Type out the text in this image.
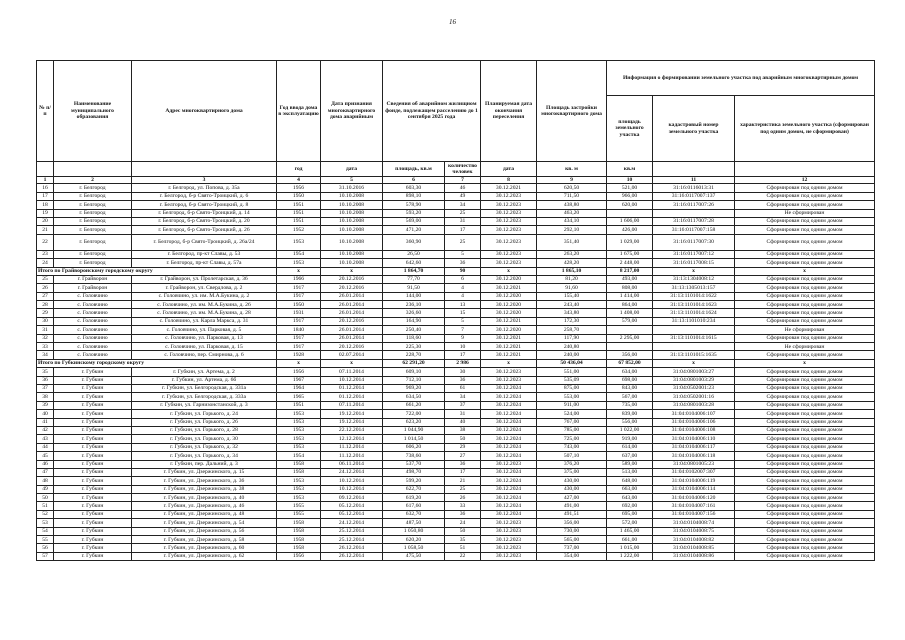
16
№ п/п	Наименование муниципального образования	Адрес многоквартирного дома	Год ввода дома в эксплуатацию	Дата признания многоквартирного дома аварийным	Сведения об аварийном жилищном фонде, подлежащем расселению до 1 сентября 2025 года		Планируемая дата окончания переселения	Площадь застройки многоквартирного дома	Информация о формировании земельного участка под аварийным многоквартирным домом		
									площадь земельного участка	кадастровый номер земельного участка	характеристика земельного участка (сформирован под одним домом, не сформирован)
			год	дата	площадь, кв.м	количество человек	дата	кв. м	кв.м		
1	2	3	4	5	6	7	8	9	10	11	12
16	г. Белгород	г. Белгород, ул. Попова, д. 35а	1956	31.10.2016	603,30	46	30.12.2021	620,50	521,00	31:16:0116013:31	Сформирован под одним домом
17	г. Белгород	г. Белгород, б-р Свято-Троицкий, д. 6	1950	10.10.2008	898,10	49	30.12.2023	711,50	966,00	31:16:0117007:137	Сформирован под одним домом
18	г. Белгород	г. Белгород, б-р Свято-Троицкий, д. 8	1951	10.10.2008	578,90	34	30.12.2023	438,80	620,00	31:16:0117007:26	Сформирован под одним домом
19	г. Белгород	г. Белгород, б-р Свято-Троицкий, д. 14	1951	10.10.2008	593,20	25	30.12.2023	463,20			Не сформирован
20	г. Белгород	г. Белгород, б-р Свято-Троицкий, д. 20	1951	10.10.2008	569,00	31	30.12.2023	434,10	1 606,00	31:16:0117007:28	Сформирован под одним домом
21	г. Белгород	г. Белгород, б-р Свято-Троицкий, д. 26	1952	10.10.2008	471,20	17	30.12.2023	292,10	426,00	31:16:0117007:158	Сформирован под одним домом
22	г. Белгород	г. Белгород, б-р Свято-Троицкий, д. 26а/24	1953	10.10.2008	360,90	25	30.12.2023	351,40	1 029,00	31:16:0117007:30	Сформирован под одним домом
23	г. Белгород	г. Белгород, пр-кт Славы, д. 53	1954	10.10.2008	26,50	5	30.12.2023	263,20	1 675,00	31:16:0117007:12	Сформирован под одним домом
24	г. Белгород	г. Белгород, пр-кт Славы, д. 57а	1953	10.10.2008	642,60	36	30.12.2023	428,20	2 448,00	31:16:0117008:15	Сформирован под одним домом
Итого по Грайворонскому городскому округу			x	x	1 864,70	90	x	1 865,10	8 217,00	x	x
25	г. Грайворон	г. Грайворон, ул. Пролетарская, д. 36	1966	20.12.2016	77,70	6	30.12.2020	81,20	493,00	31:13:1304008:12	Сформирован под одним домом
26	г. Грайворон	г. Грайворон, ул. Свердлова, д. 2	1917	20.12.2016	91,50	4	30.12.2021	91,60	808,00	31:13:1305013:157	Сформирован под одним домом
27	с. Головчино	с. Головчино, ул. им. М.А.Букина, д. 2	1917	26.01.2014	144,00	4	30.12.2020	155,40	1 414,00	31:13:1101014:1622	Сформирован под одним домом
28	с. Головчино	с. Головчино, ул. им. М.А.Букина, д. 26	1950	26.01.2014	236,10	13	30.12.2020	243,40	864,00	31:13:1101014:1623	Сформирован под одним домом
29	с. Головчино	с. Головчино, ул. им. М.А.Букина, д. 28	1931	26.01.2014	326,60	15	30.12.2020	343,80	1 408,00	31:13:1101014:1624	Сформирован под одним домом
30	с. Головчино	с. Головчино, ул. Карла Маркса, д. 31	1917	20.12.2016	164,90	5	30.12.2021	172,30	579,00	31:13:1101010:234	Сформирован под одним домом
31	с. Головчино	с. Головчино, ул. Парковая, д. 5	1840	26.01.2014	250,40	7	30.12.2020	258,70			Не сформирован
32	с. Головчино	с. Головчино, ул. Парковая, д. 13	1917	26.01.2014	118,60	9	30.12.2021	117,90	2 295,00	31:13:1101014:1615	Сформирован под одним домом
33	с. Головчино	с. Головчино, ул. Парковая, д. 15	1917	20.12.2016	225,30	10	30.12.2021	240,80			Не сформирован
34	с. Головчино	с. Головчино, пер. Смирнова, д. 6	1928	02.07.2014	228,70	17	30.12.2021	240,00	356,00	31:13:1101015:1635	Сформирован под одним домом
Итого по Губкинскому городскому округу			x	x	62 291,20	2 986	x	50 436,04	67 852,00	x	x
35	г. Губкин	г. Губкин, ул. Артема, д. 2	1956	07.11.2014	609,10	30	30.12.2023	551,00	634,00	31:04:0801003:27	Сформирован под одним домом
36	г. Губкин	г. Губкин, ул. Артема, д. 6б	1967	10.12.2014	712,10	36	30.12.2023	535,09	698,00	31:04:0801003:29	Сформирован под одним домом
37	г. Губкин	г. Губкин, ул. Белгородская, д. 331а	1964	01.12.2014	969,20	61	30.12.2024	875,00	843,00	31:04:0502001:23	Сформирован под одним домом
38	г. Губкин	г. Губкин, ул. Белгородская, д. 333а	1965	01.12.2014	634,50	34	30.12.2024	553,00	567,00	31:04:0502001:16	Сформирован под одним домом
39	г. Губкин	г. Губкин, ул. Гарнизонстанской, д. 3	1951	07.11.2014	661,20	37	30.12.2024	911,00	735,00	31:04:0801003:28	Сформирован под одним домом
40	г. Губкин	г. Губкин, ул. Горького, д. 24	1953	19.12.2014	722,00	31	30.12.2024	524,00	839,00	31:04:0104006:107	Сформирован под одним домом
41	г. Губкин	г. Губкин, ул. Горького, д. 26	1953	19.12.2014	623,20	40	30.12.2024	767,00	556,00	31:04:0104006:106	Сформирован под одним домом
42	г. Губкин	г. Губкин, ул. Горького, д. 28	1953	22.12.2014	1 044,90	38	30.12.2024	785,00	1 022,00	31:04:0104006:108	Сформирован под одним домом
43	г. Губкин	г. Губкин, ул. Горького, д. 30	1953	12.12.2014	1 014,50	50	30.12.2024	725,00	919,00	31:04:0104006:110	Сформирован под одним домом
44	г. Губкин	г. Губкин, ул. Горького, д. 32	1953	11.12.2014	606,20	29	30.12.2024	743,00	614,00	31:04:0104006:117	Сформирован под одним домом
45	г. Губкин	г. Губкин, ул. Горького, д. 34	1954	11.12.2014	738,60	27	30.12.2024	507,10	637,00	31:04:0104006:118	Сформирован под одним домом
46	г. Губкин	г. Губкин, пер. Дальний, д. 3	1958	06.11.2014	537,70	36	30.12.2023	376,20	589,00	31:04:0801005:23	Сформирован под одним домом
47	г. Губкин	г. Губкин, ул. Дзержинского, д. 15	1958	24.12.2014	498,70	17	30.12.2024	375,00	513,00	31:04:0102007:307	Сформирован под одним домом
48	г. Губкин	г. Губкин, ул. Дзержинского, д. 36	1953	10.12.2014	599,20	21	30.12.2024	430,00	648,00	31:04:0104006:119	Сформирован под одним домом
49	г. Губкин	г. Губкин, ул. Дзержинского, д. 38	1953	10.12.2014	622,70	25	30.12.2024	430,00	663,00	31:04:0104006:114	Сформирован под одним домом
50	г. Губкин	г. Губкин, ул. Дзержинского, д. 40	1953	09.12.2014	619,20	26	30.12.2024	427,00	643,00	31:04:0104006:120	Сформирован под одним домом
51	г. Губкин	г. Губкин, ул. Дзержинского, д. 46	1955	05.12.2014	617,60	33	30.12.2024	491,00	692,00	31:04:0104007:161	Сформирован под одним домом
52	г. Губкин	г. Губкин, ул. Дзержинского, д. 48	1955	05.12.2014	632,70	36	30.12.2024	491,51	695,00	31:04:0104007:156	Сформирован под одним домом
53	г. Губкин	г. Губкин, ул. Дзержинского, д. 54	1958	24.12.2014	487,50	24	30.12.2023	356,00	572,00	31:04:0104008:74	Сформирован под одним домом
54	г. Губкин	г. Губкин, ул. Дзержинского, д. 56	1958	25.12.2014	1 050,80	50	30.12.2023	730,00	1 465,00	31:04:0104008:75	Сформирован под одним домом
55	г. Губкин	г. Губкин, ул. Дзержинского, д. 58	1958	25.12.2014	620,20	35	30.12.2023	565,00	661,00	31:04:0104008:82	Сформирован под одним домом
56	г. Губкин	г. Губкин, ул. Дзержинского, д. 60	1958	26.12.2014	1 058,50	51	30.12.2023	737,00	1 015,00	31:04:0104008:85	Сформирован под одним домом
57	г. Губкин	г. Губкин, ул. Дзержинского, д. 62	1956	26.12.2014	475,50	22	30.12.2023	354,00	1 222,00	31:04:0104008:86	Сформирован под одним домом
